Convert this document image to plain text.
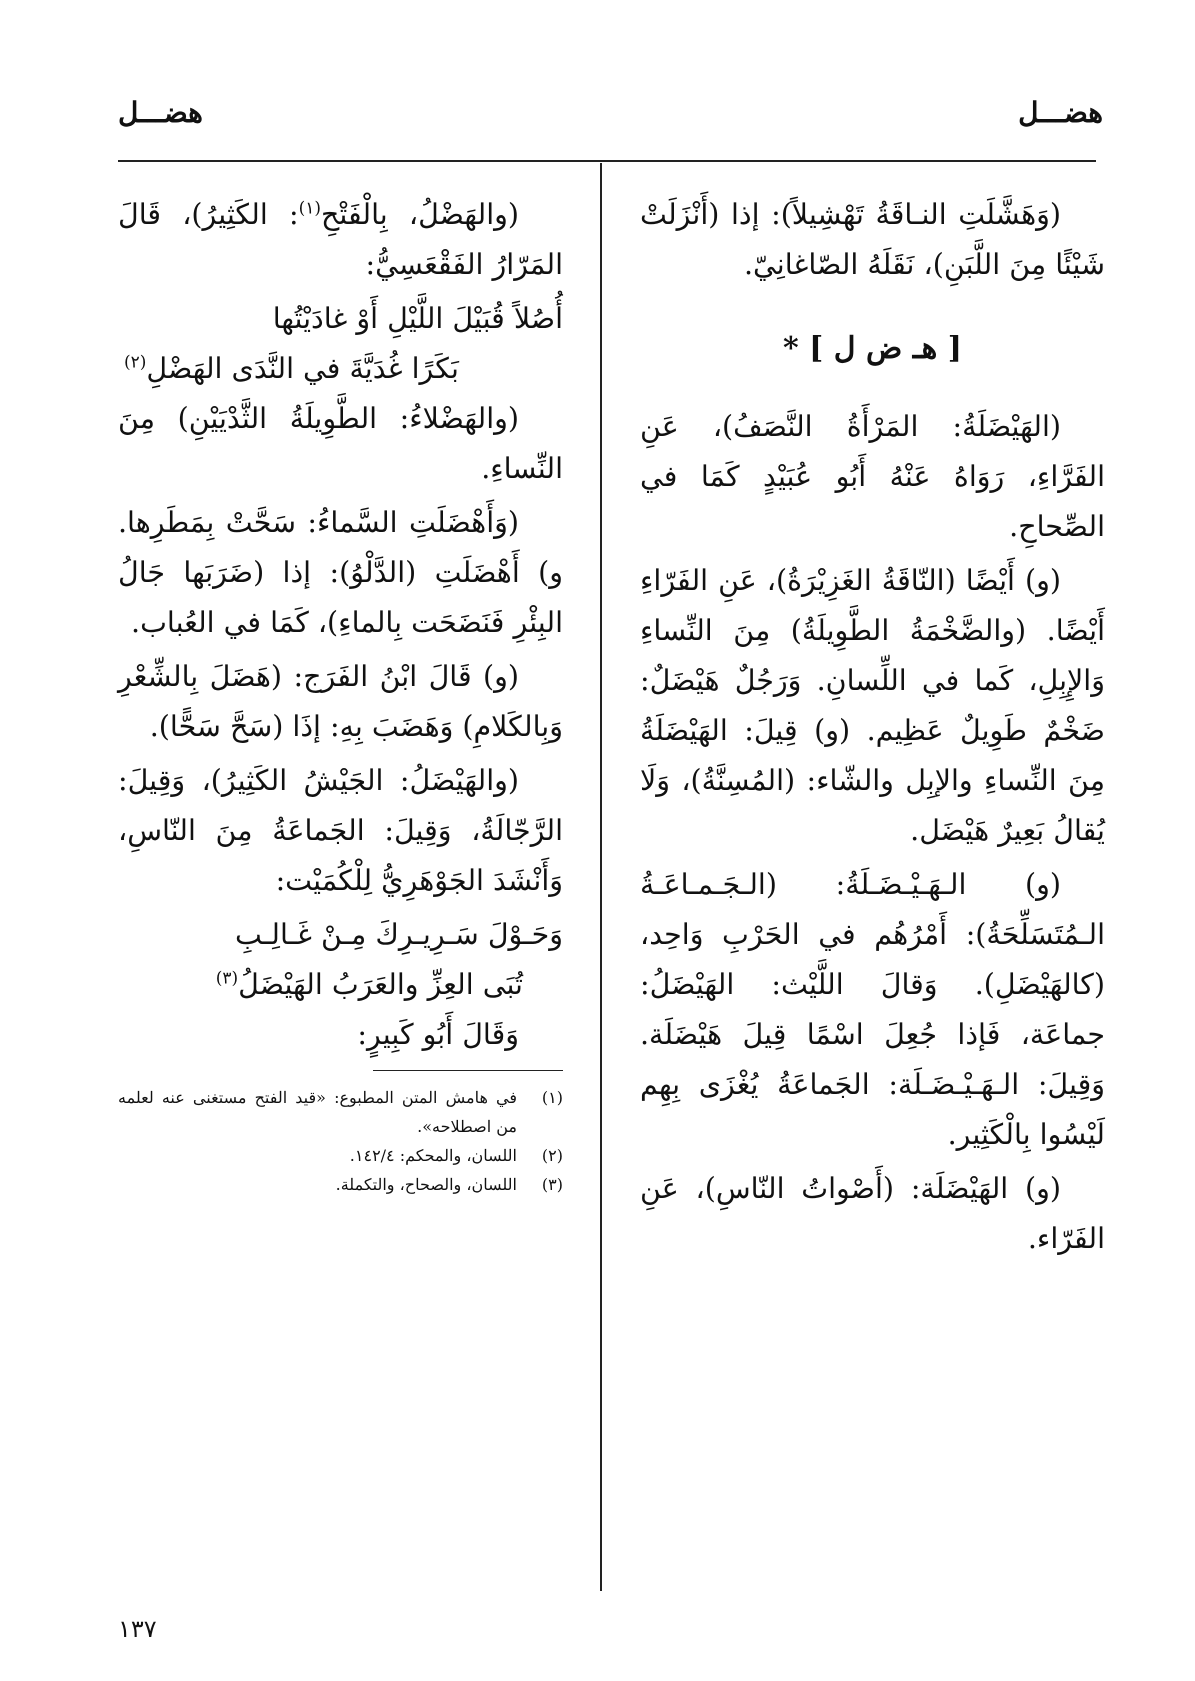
هضـــل
هضـــل

(وَهَشَّلَتِ النـاقَةُ تَهْشِيلاً): إذا (أَنْزَلَتْ شَيْئًا مِنَ اللَّبَنِ)، نَقَلَهُ الصّاغانِيّ.

[ هـ ض ل ] *

(الهَيْضَلَةُ: المَرْأَةُ النَّصَفُ)، عَنِ الفَرَّاءِ، رَوَاهُ عَنْهُ أَبُو عُبَيْدٍ كَمَا في الصِّحاحِ.

(و) أَيْضًا (النّاقَةُ الغَزِيْرَةُ)، عَنِ الفَرّاءِ أَيْضًا. (والضَّخْمَةُ الطَّوِيلَةُ) مِنَ النِّساءِ وَالإِبِلِ، كَما في اللِّسانِ. وَرَجُلٌ هَيْضَلٌ: ضَخْمٌ طَوِيلٌ عَظِيم. (و) قِيلَ: الهَيْضَلَةُ مِنَ النِّساءِ والإبِل والشّاء: (المُسِنَّةُ)، وَلَا يُقالُ بَعِيرٌ هَيْضَل.

(و) الـهَـيْـضَـلَةُ: (الـجَـمـاعَـةُ الـمُتَسَلِّحَةُ): أَمْرُهُم في الحَرْبِ وَاحِد، (كالهَيْضَلِ). وَقالَ اللَّيْث: الهَيْضَلُ: جماعَة، فَإذا جُعِلَ اسْمًا قِيلَ هَيْضَلَة. وَقِيلَ: الـهَـيْـضَـلَة: الجَماعَةُ يُغْزَى بِهِم لَيْسُوا بِالْكَثِير.

(و) الهَيْضَلَة: (أَصْواتُ النّاسِ)، عَنِ الفَرّاء.

(والهَضْلُ، بِالْفَتْحِ$^{(١)}$: الكَثِيرُ)، قَالَ المَرّارُ الفَقْعَسِيُّ:

أُصُلاً قُبَيْلَ اللَّيْلِ أَوْ غادَيْتُها

بَكَرًا غُدَيَّةَ في النَّدَى الهَضْلِ$^{(٢)}$

(والهَضْلاءُ: الطَّوِيلَةُ الثَّدْيَيْنِ) مِنَ النِّساءِ.

(وَأَهْضَلَتِ السَّماءُ: سَحَّتْ بِمَطَرِها. و) أَهْضَلَتِ (الدَّلْوُ): إذا (ضَرَبَها جَالُ البِئْرِ فَنَضَحَت بِالماءِ)، كَمَا في العُباب.

(و) قَالَ ابْنُ الفَرَج: (هَضَلَ بِالشِّعْرِ وَبِالكَلامِ) وَهَضَبَ بِهِ: إذَا (سَحَّ سَحًّا).

(والهَيْضَلُ: الجَيْشُ الكَثِيرُ)، وَقِيلَ: الرَّجّالَةُ، وَقِيلَ: الجَماعَةُ مِنَ النّاسِ، وَأَنْشَدَ الجَوْهَرِيُّ لِلْكُمَيْت:

وَحَـوْلَ سَـرِيـرِكَ مِـنْ غَـالِـبِ

تُبَى العِزِّ والعَرَبُ الهَيْضَلُ$^{(٣)}$

وَقَالَ أَبُو كَبِيرٍ:

(١)في هامش المتن المطبوع: «قيد الفتح مستغنى عنه لعلمه من اصطلاحه».

(٢)اللسان، والمحكم: ١٤٢/٤.

(٣)اللسان، والصحاح، والتكملة.

١٣٧
